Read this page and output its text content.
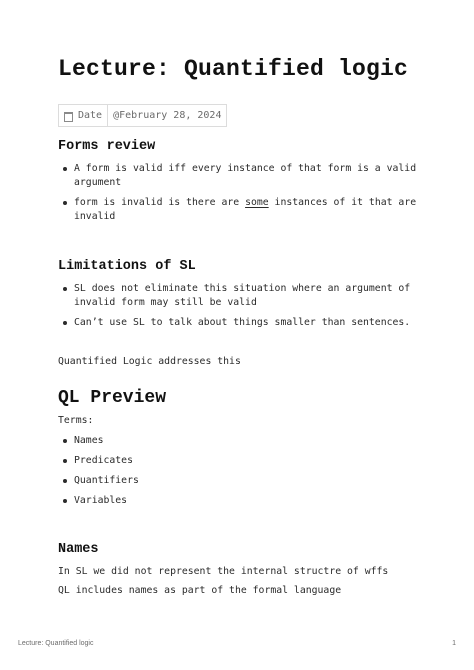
Lecture: Quantified logic
Date @February 28, 2024
Forms review
A form is valid iff every instance of that form is a valid argument
form is invalid is there are some instances of it that are invalid
Limitations of SL
SL does not eliminate this situation where an argument of invalid form may still be valid
Can’t use SL to talk about things smaller than sentences.
Quantified Logic addresses this
QL Preview
Terms:
Names
Predicates
Quantifiers
Variables
Names
In SL we did not represent the internal structre of wffs
QL includes names as part of the formal language
Lecture: Quantified logic	1
